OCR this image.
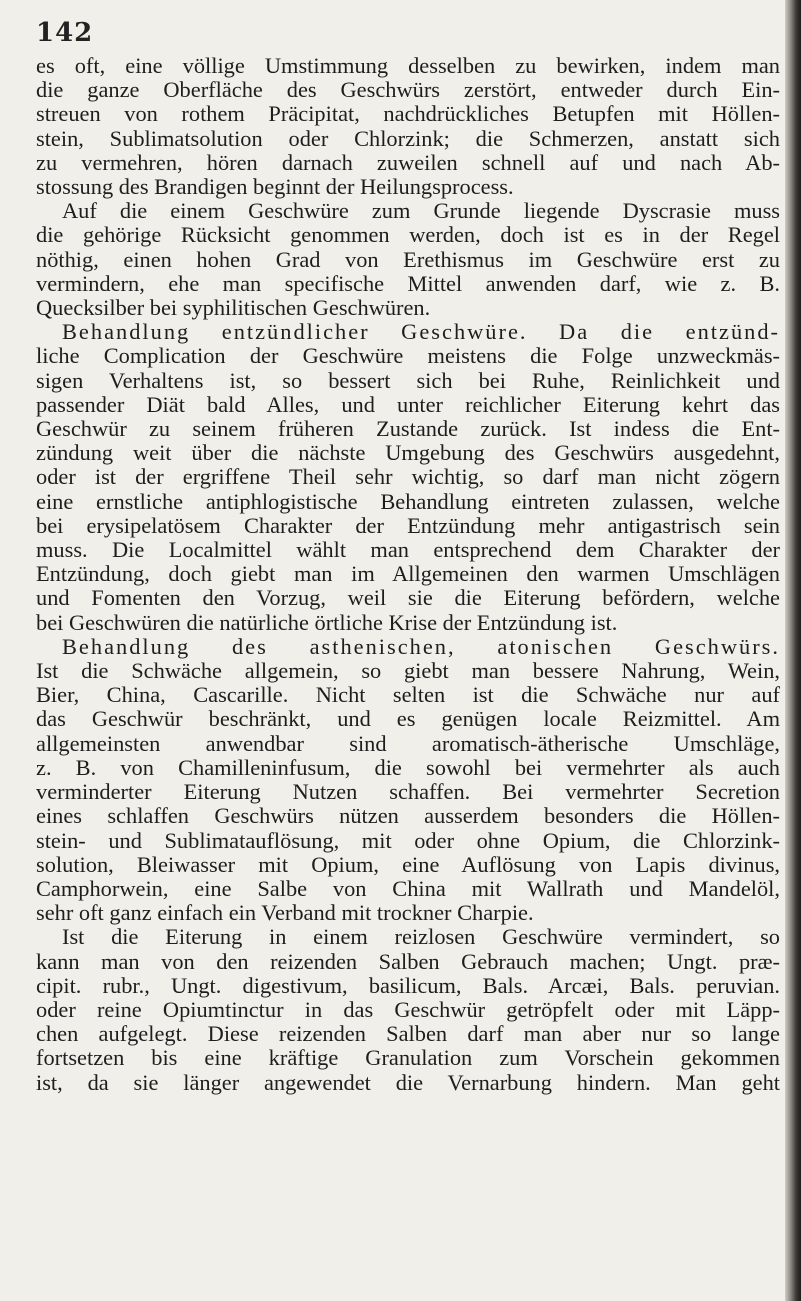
142
es oft, eine völlige Umstimmung desselben zu bewirken, indem man
die ganze Oberfläche des Geschwürs zerstört, entweder durch Ein-
streuen von rothem Präcipitat, nachdrückliches Betupfen mit Höllen-
stein, Sublimatsolution oder Chlorzink; die Schmerzen, anstatt sich
zu vermehren, hören darnach zuweilen schnell auf und nach Ab-
stossung des Brandigen beginnt der Heilungsprocess.
Auf die einem Geschwüre zum Grunde liegende Dyscrasie muss
die gehörige Rücksicht genommen werden, doch ist es in der Regel
nöthig, einen hohen Grad von Erethismus im Geschwüre erst zu
vermindern, ehe man specifische Mittel anwenden darf, wie z. B.
Quecksilber bei syphilitischen Geschwüren.
Behandlung entzündlicher Geschwüre. Da die entzünd-
liche Complication der Geschwüre meistens die Folge unzweckmäs-
sigen Verhaltens ist, so bessert sich bei Ruhe, Reinlichkeit und
passender Diät bald Alles, und unter reichlicher Eiterung kehrt das
Geschwür zu seinem früheren Zustande zurück. Ist indess die Ent-
zündung weit über die nächste Umgebung des Geschwürs ausgedehnt,
oder ist der ergriffene Theil sehr wichtig, so darf man nicht zögern
eine ernstliche antiphlogistische Behandlung eintreten zulassen, welche
bei erysipelatösem Charakter der Entzündung mehr antigastrisch sein
muss. Die Localmittel wählt man entsprechend dem Charakter der
Entzündung, doch giebt man im Allgemeinen den warmen Umschlägen
und Fomenten den Vorzug, weil sie die Eiterung befördern, welche
bei Geschwüren die natürliche örtliche Krise der Entzündung ist.
Behandlung des asthenischen, atonischen Geschwürs.
Ist die Schwäche allgemein, so giebt man bessere Nahrung, Wein,
Bier, China, Cascarille. Nicht selten ist die Schwäche nur auf
das Geschwür beschränkt, und es genügen locale Reizmittel. Am
allgemeinsten anwendbar sind aromatisch-ätherische Umschläge,
z. B. von Chamilleninfusum, die sowohl bei vermehrter als auch
verminderter Eiterung Nutzen schaffen. Bei vermehrter Secretion
eines schlaffen Geschwürs nützen ausserdem besonders die Höllen-
stein- und Sublimatauflösung, mit oder ohne Opium, die Chlorzink-
solution, Bleiwasser mit Opium, eine Auflösung von Lapis divinus,
Camphorwein, eine Salbe von China mit Wallrath und Mandelöl,
sehr oft ganz einfach ein Verband mit trockner Charpie.
Ist die Eiterung in einem reizlosen Geschwüre vermindert, so
kann man von den reizenden Salben Gebrauch machen; Ungt. præ-
cipit. rubr., Ungt. digestivum, basilicum, Bals. Arcæi, Bals. peruvian.
oder reine Opiumtinctur in das Geschwür getröpfelt oder mit Läpp-
chen aufgelegt. Diese reizenden Salben darf man aber nur so lange
fortsetzen bis eine kräftige Granulation zum Vorschein gekommen
ist, da sie länger angewendet die Vernarbung hindern. Man geht
